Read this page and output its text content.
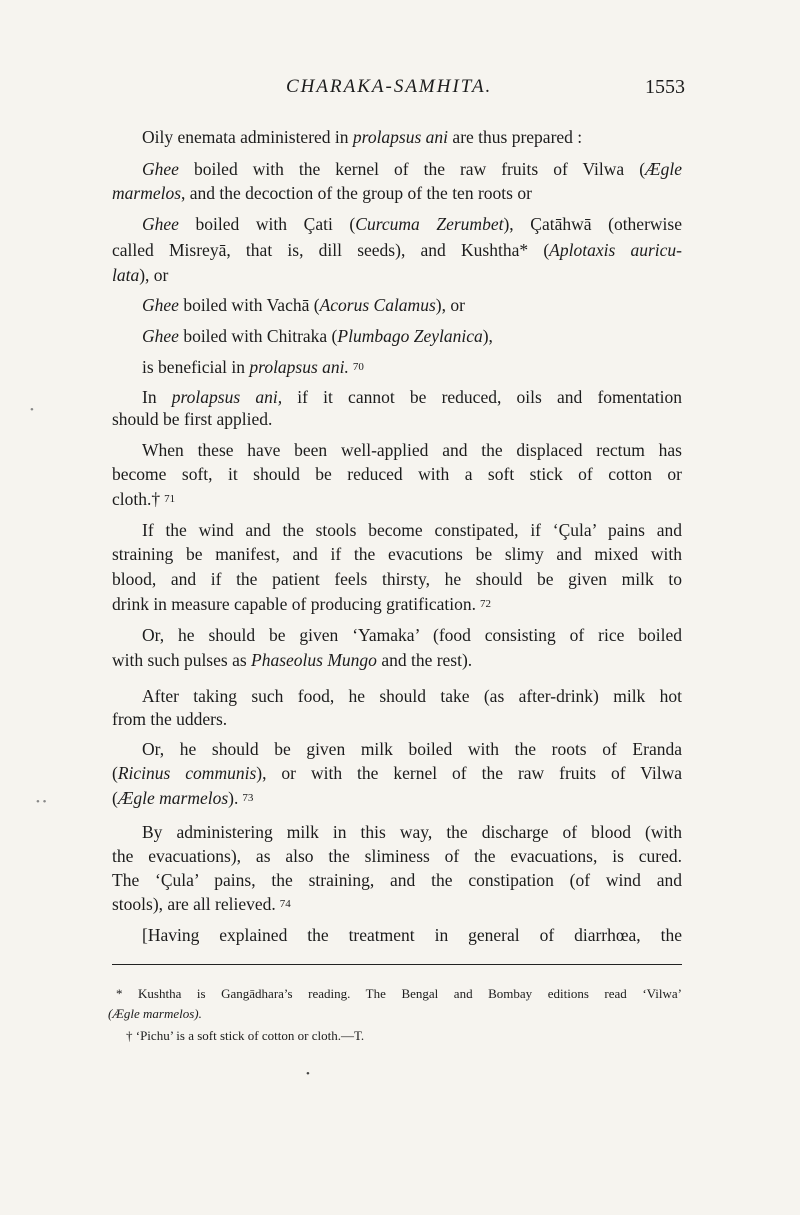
CHARAKA-SAMHITA.	1553
Oily enemata administered in prolapsus ani are thus prepared :
Ghee boiled with the kernel of the raw fruits of Vilwa (Ægle
marmelos, and the decoction of the group of the ten roots or
Ghee boiled with Çati (Curcuma Zerumbet), Çatāhwā (otherwise
called Misreyā, that is, dill seeds), and Kushtha* (Aplotaxis auricu-
lata), or
Ghee boiled with Vachā (Acorus Calamus), or
Ghee boiled with Chitraka (Plumbago Zeylanica),
is beneficial in prolapsus ani. $^{70}$
In prolapsus ani, if it cannot be reduced, oils and fomentation
should be first applied.
When these have been well-applied and the displaced rectum has
become soft, it should be reduced with a soft stick of cotton or
cloth.† $^{71}$
If the wind and the stools become constipated, if ‘Çula’ pains and
straining be manifest, and if the evacutions be slimy and mixed with
blood, and if the patient feels thirsty, he should be given milk to
drink in measure capable of producing gratification. $^{72}$
Or, he should be given ‘Yamaka’ (food consisting of rice boiled
with such pulses as Phaseolus Mungo and the rest).
After taking such food, he should take (as after-drink) milk hot
from the udders.
Or, he should be given milk boiled with the roots of Eranda
(Ricinus communis), or with the kernel of the raw fruits of Vilwa
(Ægle marmelos). $^{73}$
By administering milk in this way, the discharge of blood (with
the evacuations), as also the sliminess of the evacuations, is cured.
The ‘Çula’ pains, the straining, and the constipation (of wind and
stools), are all relieved. $^{74}$
[Having explained the treatment in general of diarrhœa, the
* Kushtha is Gangādhara’s reading. The Bengal and Bombay editions read ‘Vilwa’
(Ægle marmelos).
† ‘Pichu’ is a soft stick of cotton or cloth.—T.
•
• •
•
